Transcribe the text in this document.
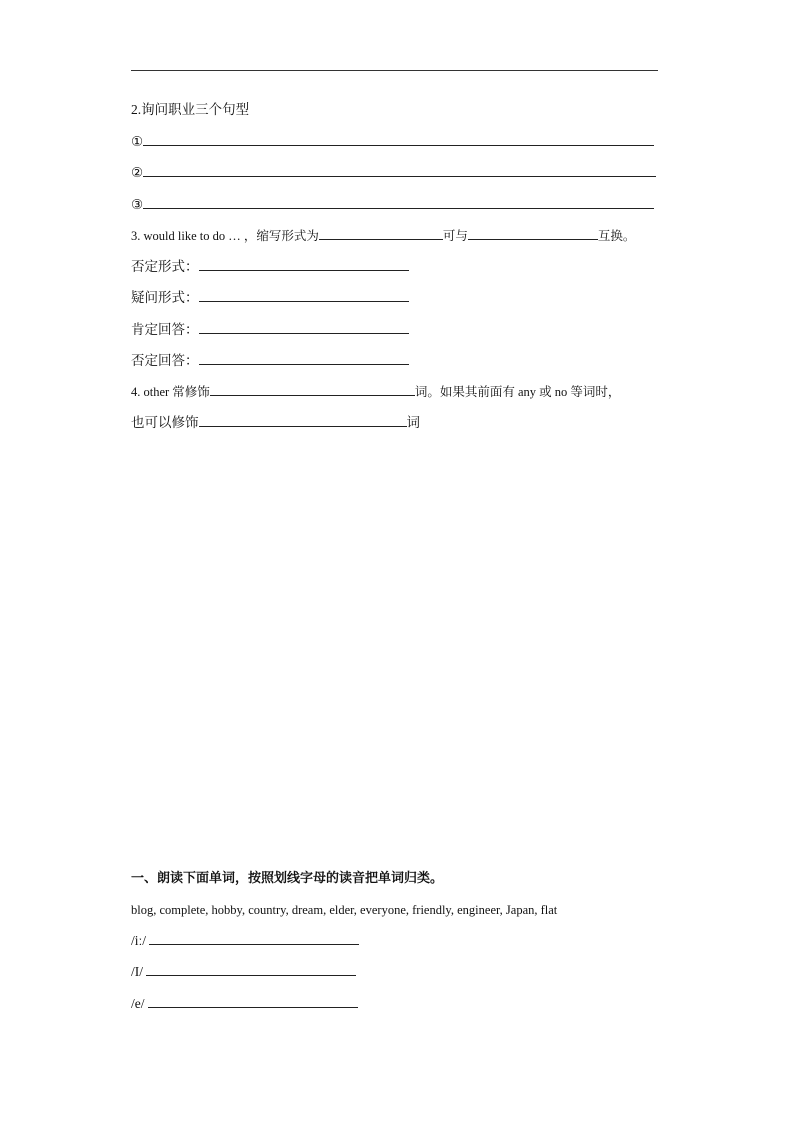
2.询问职业三个句型
①
②
③
3. would like to do … ，缩写形式为	可与	互换。
否定形式：
疑问形式：
肯定回答：
否定回答：
4. other 常修饰	词。如果其前面有 any 或 no 等词时，
也可以修饰	词
一、朗读下面单词，按照划线字母的读音把单词归类。
blog, complete, hobby, country, dream, elder, everyone, friendly, engineer, Japan, flat
/iː/
/I/
/e/
